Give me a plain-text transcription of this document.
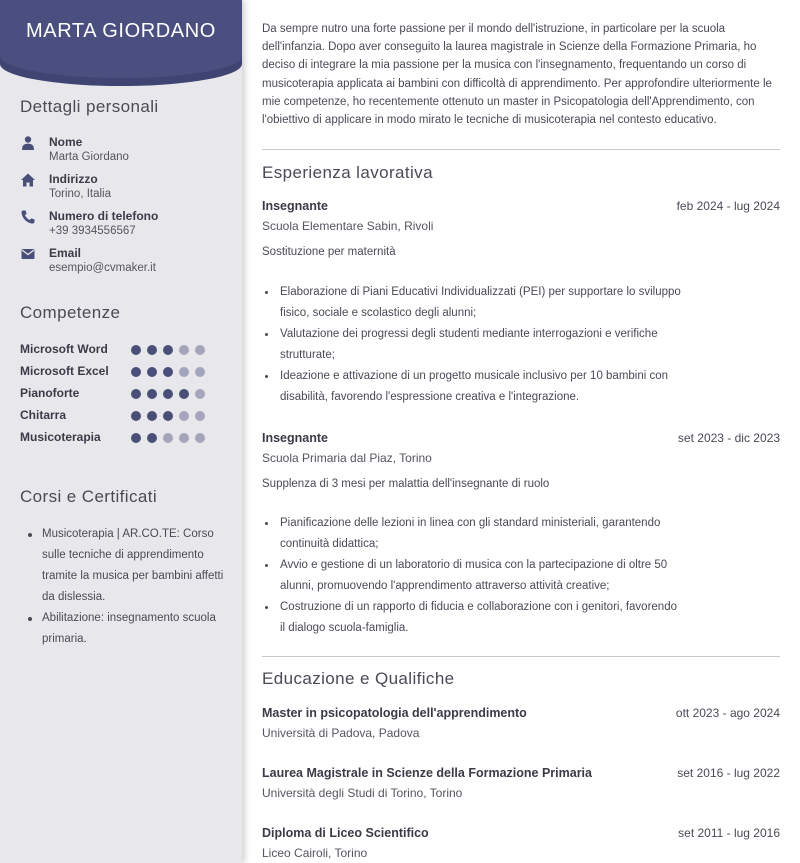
MARTA GIORDANO
Dettagli personali
Nome
Marta Giordano
Indirizzo
Torino, Italia
Numero di telefono
+39 3934556567
Email
esempio@cvmaker.it
Competenze
Microsoft Word
Microsoft Excel
Pianoforte
Chitarra
Musicoterapia
Corsi e Certificati
Musicoterapia | AR.CO.TE: Corso sulle tecniche di apprendimento tramite la musica per bambini affetti da dislessia.
Abilitazione: insegnamento scuola primaria.

Da sempre nutro una forte passione per il mondo dell'istruzione, in particolare per la scuola dell'infanzia. Dopo aver conseguito la laurea magistrale in Scienze della Formazione Primaria, ho deciso di integrare la mia passione per la musica con l'insegnamento, frequentando un corso di musicoterapia applicata ai bambini con difficoltà di apprendimento. Per approfondire ulteriormente le mie competenze, ho recentemente ottenuto un master in Psicopatologia dell'Apprendimento, con l'obiettivo di applicare in modo mirato le tecniche di musicoterapia nel contesto educativo.

Esperienza lavorativa
Insegnante	feb 2024 - lug 2024
Scuola Elementare Sabin, Rivoli
Sostituzione per maternità
Elaborazione di Piani Educativi Individualizzati (PEI) per supportare lo sviluppo fisico, sociale e scolastico degli alunni;
Valutazione dei progressi degli studenti mediante interrogazioni e verifiche strutturate;
Ideazione e attivazione di un progetto musicale inclusivo per 10 bambini con disabilità, favorendo l'espressione creativa e l'integrazione.
Insegnante	set 2023 - dic 2023
Scuola Primaria dal Piaz, Torino
Supplenza di 3 mesi per malattia dell'insegnante di ruolo
Pianificazione delle lezioni in linea con gli standard ministeriali, garantendo continuità didattica;
Avvio e gestione di un laboratorio di musica con la partecipazione di oltre 50 alunni, promuovendo l'apprendimento attraverso attività creative;
Costruzione di un rapporto di fiducia e collaborazione con i genitori, favorendo il dialogo scuola-famiglia.
Educazione e Qualifiche
Master in psicopatologia dell'apprendimento	ott 2023 - ago 2024
Università di Padova, Padova
Laurea Magistrale in Scienze della Formazione Primaria	set 2016 - lug 2022
Università degli Studi di Torino, Torino
Diploma di Liceo Scientifico	set 2011 - lug 2016
Liceo Cairoli, Torino
